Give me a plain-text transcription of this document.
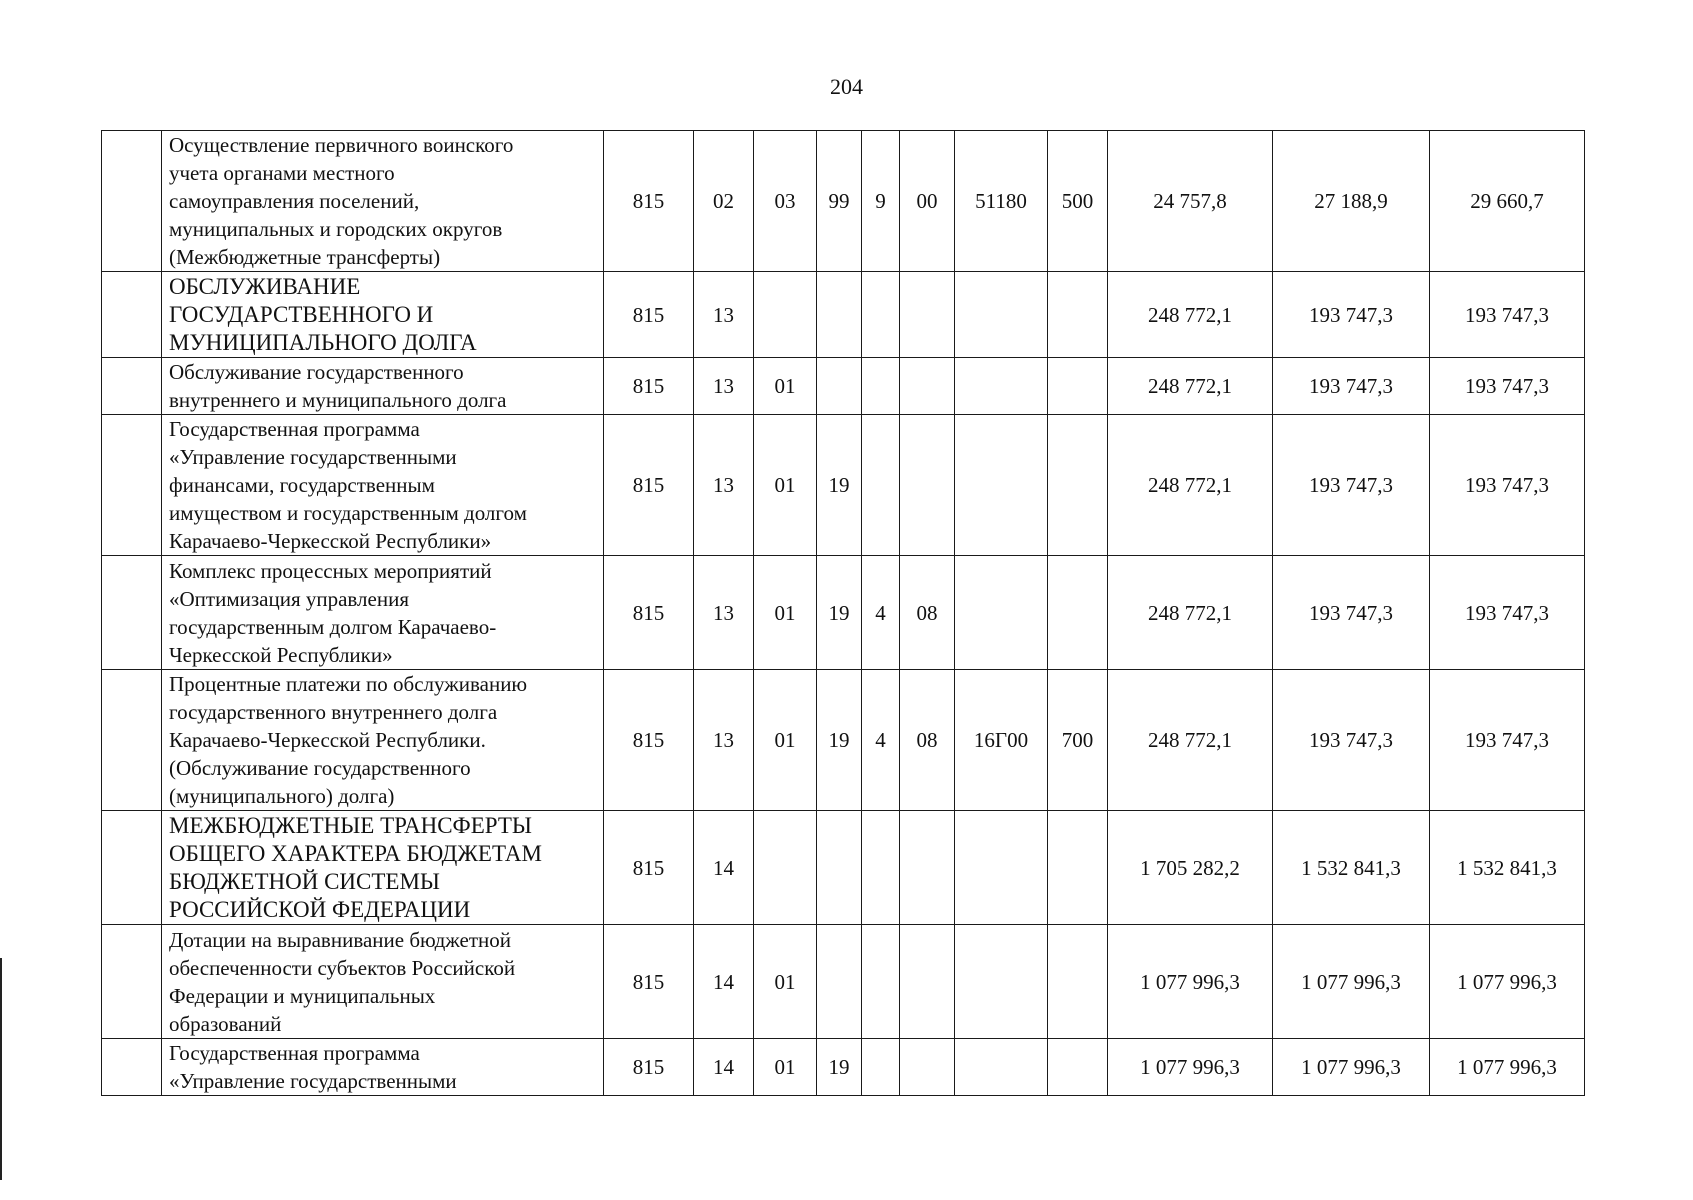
204
	Осуществление первичного воинского
учета органами местного
самоуправления поселений,
муниципальных и городских округов
(Межбюджетные трансферты)	815	02	03	99	9	00	51180	500	24 757,8	27 188,9	29 660,7
	ОБСЛУЖИВАНИЕ
ГОСУДАРСТВЕННОГО И
МУНИЦИПАЛЬНОГО ДОЛГА	815	13							248 772,1	193 747,3	193 747,3
	Обслуживание государственного
внутреннего и муниципального долга	815	13	01						248 772,1	193 747,3	193 747,3
	Государственная программа
«Управление государственными
финансами, государственным
имуществом и государственным долгом
Карачаево-Черкесской Республики»	815	13	01	19					248 772,1	193 747,3	193 747,3
	Комплекс процессных мероприятий
«Оптимизация управления
государственным долгом Карачаево-
Черкесской Республики»	815	13	01	19	4	08			248 772,1	193 747,3	193 747,3
	Процентные платежи по обслуживанию
государственного внутреннего долга
Карачаево-Черкесской Республики.
(Обслуживание государственного
(муниципального) долга)	815	13	01	19	4	08	16Г00	700	248 772,1	193 747,3	193 747,3
	МЕЖБЮДЖЕТНЫЕ ТРАНСФЕРТЫ
ОБЩЕГО ХАРАКТЕРА БЮДЖЕТАМ
БЮДЖЕТНОЙ СИСТЕМЫ
РОССИЙСКОЙ ФЕДЕРАЦИИ	815	14							1 705 282,2	1 532 841,3	1 532 841,3
	Дотации на выравнивание бюджетной
обеспеченности субъектов Российской
Федерации и муниципальных
образований	815	14	01						1 077 996,3	1 077 996,3	1 077 996,3
	Государственная программа
«Управление государственными	815	14	01	19					1 077 996,3	1 077 996,3	1 077 996,3
